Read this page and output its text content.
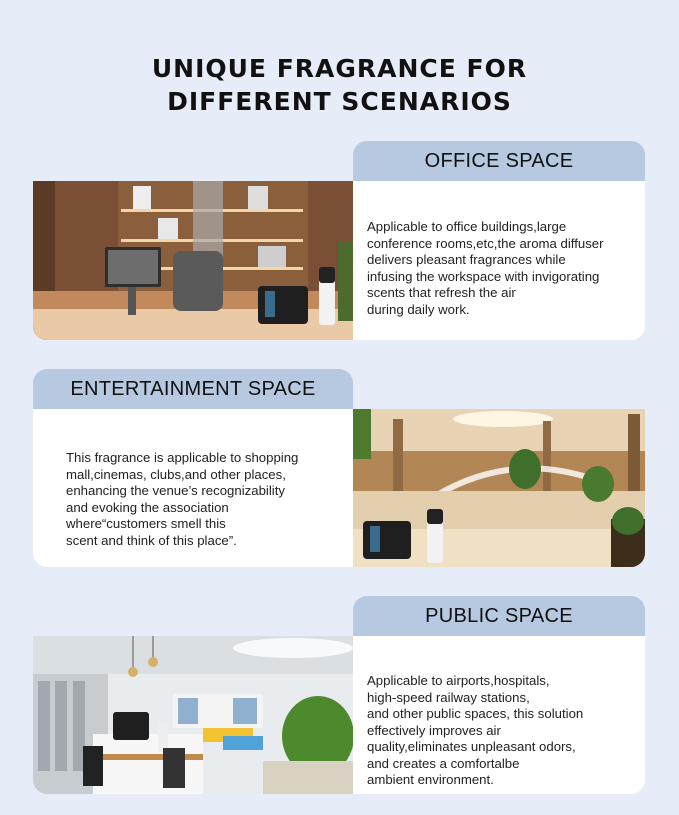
UNIQUE FRAGRANCE FOR
DIFFERENT SCENARIOS
OFFICE SPACE
Applicable to office buildings,large
conference rooms,etc,the aroma diffuser
delivers pleasant fragrances while
infusing the workspace with invigorating
scents that refresh the air
during daily work.
ENTERTAINMENT SPACE
This fragrance is applicable to shopping
mall,cinemas, clubs,and other places,
enhancing the venue’s recognizability
and evoking the association
where“customers smell this
scent and think of this place”.
PUBLIC SPACE
Applicable to airports,hospitals,
high-speed railway stations,
and other public spaces, this solution
effectively improves air
quality,eliminates unpleasant odors,
and creates a comfortalbe
ambient environment.
